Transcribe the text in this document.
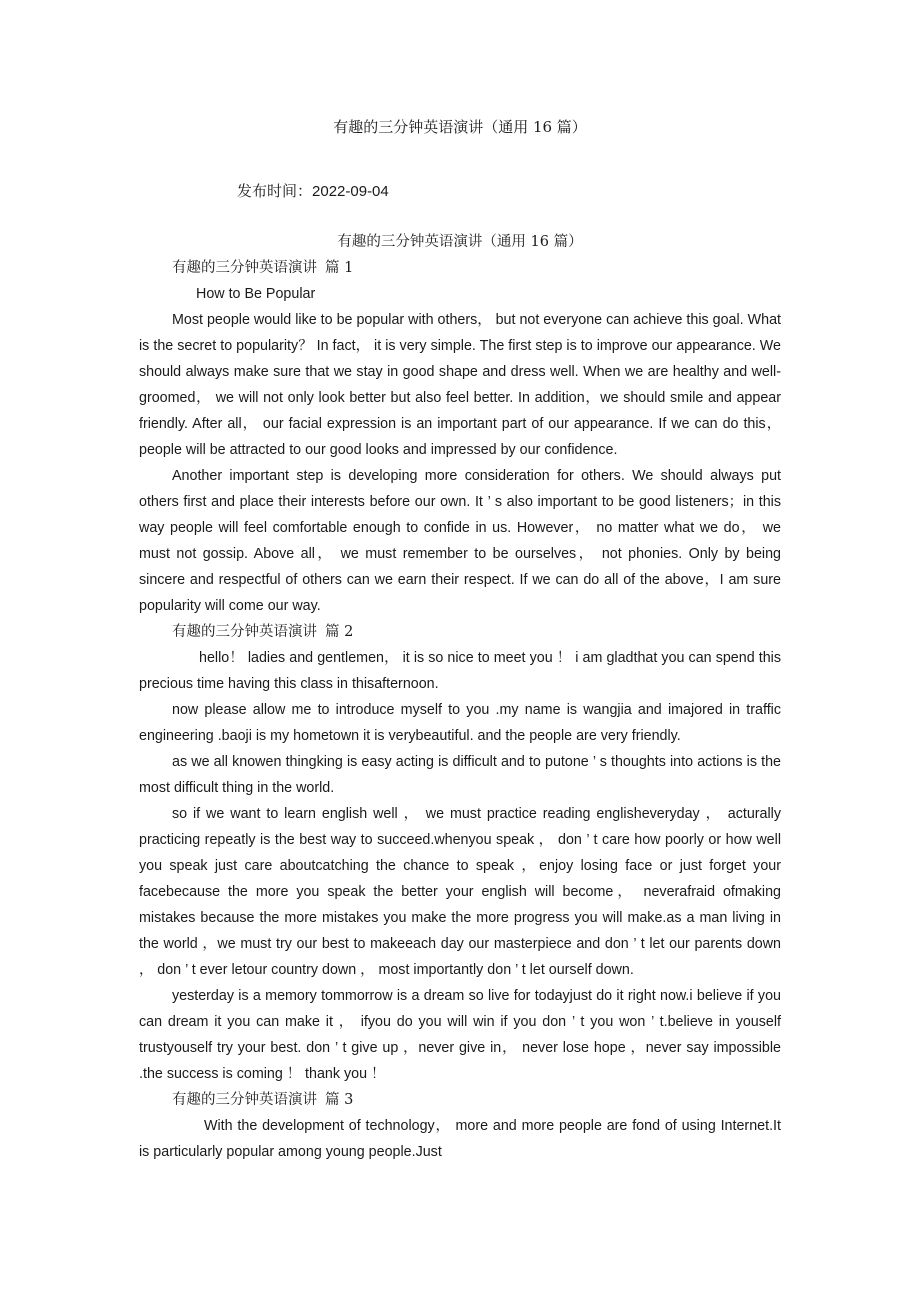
有趣的三分钟英语演讲（通用 16 篇）
发布时间：2022-09-04
有趣的三分钟英语演讲（通用 16 篇）
有趣的三分钟英语演讲 篇 1
How to Be Popular

Most people would like to be popular with others， but not everyone can achieve this goal. What is the secret to popularity？ In fact， it is very simple. The first step is to improve our appearance. We should always make sure that we stay in good shape and dress well. When we are healthy and well-groomed， we will not only look better but also feel better. In addition，we should smile and appear friendly. After all， our facial expression is an important part of our appearance. If we can do this， people will be attracted to our good looks and impressed by our confidence.

Another important step is developing more consideration for others. We should always put others first and place their interests before our own. It ’ s also important to be good listeners；in this way people will feel comfortable enough to confide in us. However， no matter what we do， we must not gossip. Above all， we must remember to be ourselves， not phonies. Only by being sincere and respectful of others can we earn their respect. If we can do all of the above，I am sure popularity will come our way.

有趣的三分钟英语演讲 篇 2

hello！ ladies and gentlemen， it is so nice to meet you ！ i am gladthat you can spend this precious time having this class in thisafternoon.

now please allow me to introduce myself to you .my name is wangjia and imajored in traffic engineering .baoji is my hometown it is verybeautiful. and the people are very friendly.

as we all knowen thingking is easy acting is difficult and to putone ’ s thoughts into actions is the most difficult thing in the world.

so if we want to learn english well ， we must practice reading englisheveryday ， acturally practicing repeatly is the best way to succeed.whenyou speak ， don ’ t care how poorly or how well you speak just care aboutcatching the chance to speak ，enjoy losing face or just forget your facebecause the more you speak the better your english will become， neverafraid ofmaking mistakes because the more mistakes you make the more progress you will make.as a man living in the world ，we must try our best to makeeach day our masterpiece and don ’ t let our parents down ， don ’ t ever letour country down ， most importantly don ’ t let ourself down.

yesterday is a memory tommorrow is a dream so live for todayjust do it right now.i believe if you can dream it you can make it ， ifyou do you will win if you don ’ t you won ’ t.believe in youself trustyouself try your best. don ’ t give up ，never give in， never lose hope ，never say impossible .the success is coming ！ thank you ！

有趣的三分钟英语演讲 篇 3

With the development of technology， more and more people are fond of using Internet.It is particularly popular among young people.Just
